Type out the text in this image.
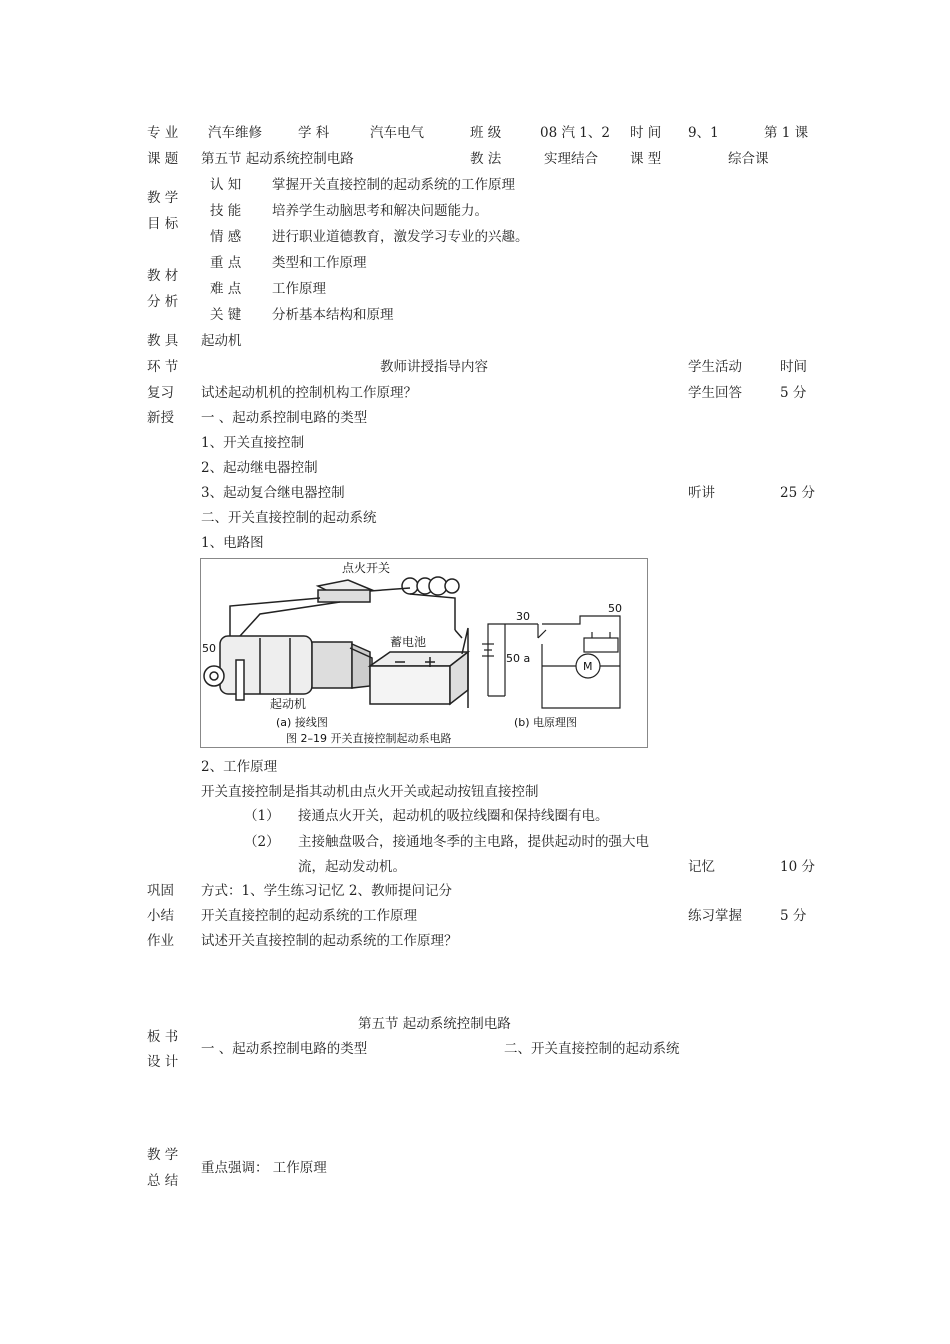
专 业 汽车维修	学 科	汽车电气	班 级	08 汽 1、2 时 间 9、1	第 1 课
课 题 第五节 起动系统控制电路	教 法	实理结合 课 型	综合课
教 学
目 标
认 知 掌握开关直接控制的起动系统的工作原理
技 能 培养学生动脑思考和解决问题能力。
情 感 进行职业道德教育，激发学习专业的兴趣。
教 材
分 析
重 点 类型和工作原理
难 点 工作原理
关 键 分析基本结构和原理
教 具 起动机
环 节	教师讲授指导内容	学生活动	时间
复习 试述起动机机的控制机构工作原理？	学生回答	5 分
新授 一 、起动系控制电路的类型
1、开关直接控制
2、起动继电器控制
3、起动复合继电器控制	听讲	25 分
二、开关直接控制的起动系统
1、电路图
点火开关
蓄电池
起动机
50
30
50
50 a
M
(a) 接线图	(b) 电原理图
图 2–19 开关直接控制起动系电路
2、工作原理
开关直接控制是指其动机由点火开关或起动按钮直接控制
（1） 接通点火开关，起动机的吸拉线圈和保持线圈有电。
（2） 主接触盘吸合，接通地冬季的主电路，提供起动时的强大电
流，起动发动机。	记忆	10 分
巩固 方式：1、学生练习记忆 2、教师提问记分
小结 开关直接控制的起动系统的工作原理	练习掌握	5 分
作业 试述开关直接控制的起动系统的工作原理？
第五节 起动系统控制电路
板 书
设 计
一 、起动系控制电路的类型	二、开关直接控制的起动系统
教 学
总 结
重点强调： 工作原理
